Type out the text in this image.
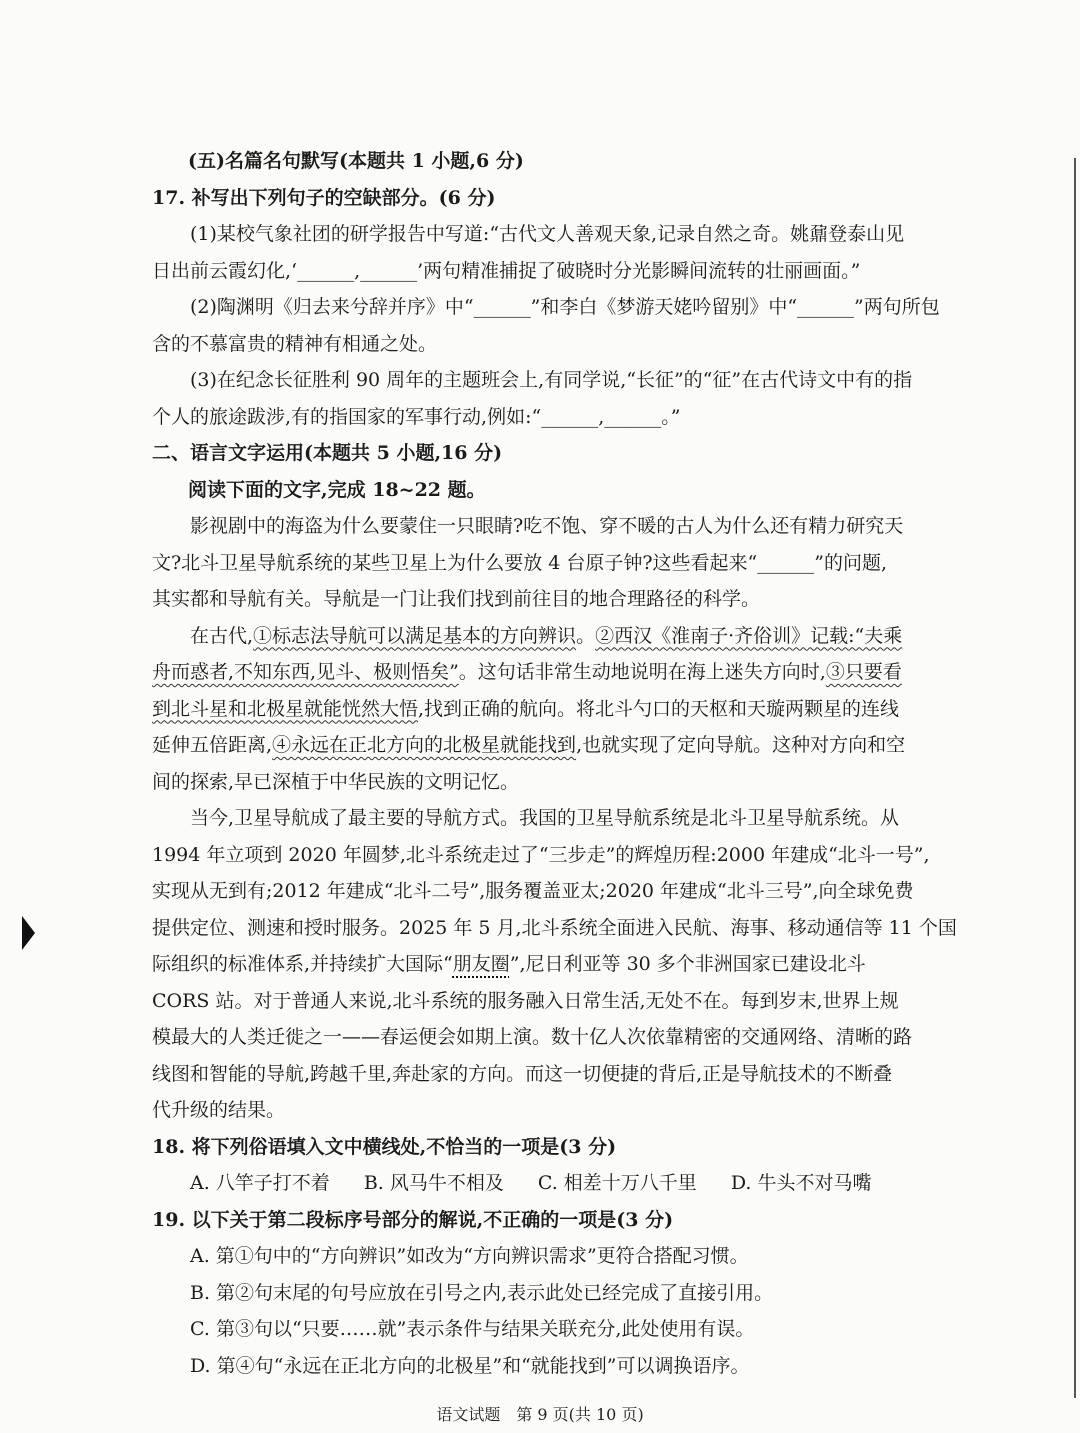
(五)名篇名句默写(本题共 1 小题,6 分)
17. 补写出下列句子的空缺部分。(6 分)
(1)某校气象社团的研学报告中写道:“古代文人善观天象,记录自然之奇。姚鼐登泰山见
日出前云霞幻化,‘______,______’两句精准捕捉了破晓时分光影瞬间流转的壮丽画面。”
(2)陶渊明《归去来兮辞并序》中“______”和李白《梦游天姥吟留别》中“______”两句所包
含的不慕富贵的精神有相通之处。
(3)在纪念长征胜利 90 周年的主题班会上,有同学说,“长征”的“征”在古代诗文中有的指
个人的旅途跋涉,有的指国家的军事行动,例如:“______,______。”
二、语言文字运用(本题共 5 小题,16 分)
阅读下面的文字,完成 18~22 题。
影视剧中的海盗为什么要蒙住一只眼睛?吃不饱、穿不暖的古人为什么还有精力研究天
文?北斗卫星导航系统的某些卫星上为什么要放 4 台原子钟?这些看起来“______”的问题,
其实都和导航有关。导航是一门让我们找到前往目的地合理路径的科学。
在古代,①标志法导航可以满足基本的方向辨识。②西汉《淮南子·齐俗训》记载:“夫乘
舟而惑者,不知东西,见斗、极则悟矣”。这句话非常生动地说明在海上迷失方向时,③只要看
到北斗星和北极星就能恍然大悟,找到正确的航向。将北斗勺口的天枢和天璇两颗星的连线
延伸五倍距离,④永远在正北方向的北极星就能找到,也就实现了定向导航。这种对方向和空
间的探索,早已深植于中华民族的文明记忆。
当今,卫星导航成了最主要的导航方式。我国的卫星导航系统是北斗卫星导航系统。从
1994 年立项到 2020 年圆梦,北斗系统走过了“三步走”的辉煌历程:2000 年建成“北斗一号”,
实现从无到有;2012 年建成“北斗二号”,服务覆盖亚太;2020 年建成“北斗三号”,向全球免费
提供定位、测速和授时服务。2025 年 5 月,北斗系统全面进入民航、海事、移动通信等 11 个国
际组织的标准体系,并持续扩大国际“朋友圈”,尼日利亚等 30 多个非洲国家已建设北斗
CORS 站。对于普通人来说,北斗系统的服务融入日常生活,无处不在。每到岁末,世界上规
模最大的人类迁徙之一——春运便会如期上演。数十亿人次依靠精密的交通网络、清晰的路
线图和智能的导航,跨越千里,奔赴家的方向。而这一切便捷的背后,正是导航技术的不断叠
代升级的结果。
18. 将下列俗语填入文中横线处,不恰当的一项是(3 分)
A. 八竿子打不着 B. 风马牛不相及 C. 相差十万八千里 D. 牛头不对马嘴
19. 以下关于第二段标序号部分的解说,不正确的一项是(3 分)
A. 第①句中的“方向辨识”如改为“方向辨识需求”更符合搭配习惯。
B. 第②句末尾的句号应放在引号之内,表示此处已经完成了直接引用。
C. 第③句以“只要……就”表示条件与结果关联充分,此处使用有误。
D. 第④句“永远在正北方向的北极星”和“就能找到”可以调换语序。
语文试题　第 9 页(共 10 页)
